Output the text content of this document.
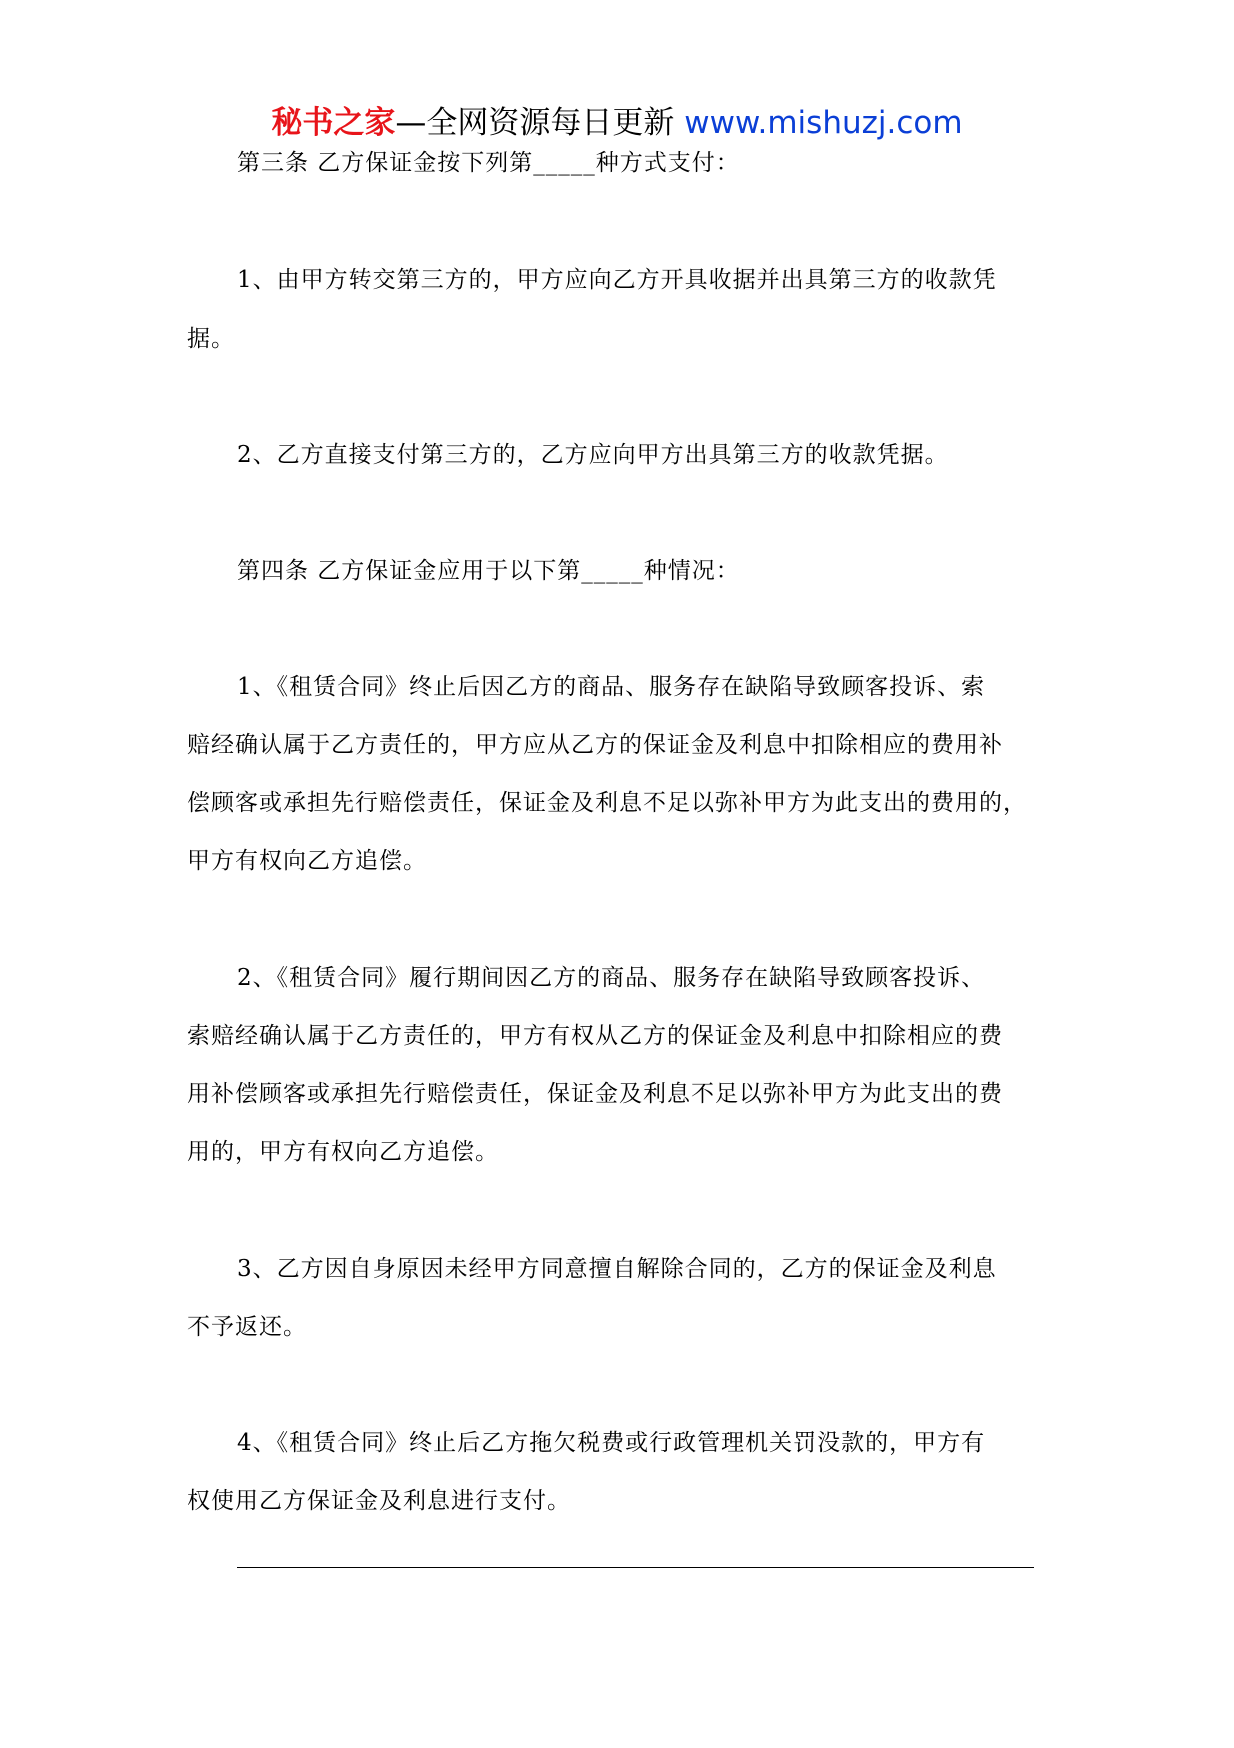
秘书之家—全网资源每日更新 www.mishuzj.com
第三条 乙方保证金按下列第_____种方式支付：
1、由甲方转交第三方的，甲方应向乙方开具收据并出具第三方的收款凭
据。
2、乙方直接支付第三方的，乙方应向甲方出具第三方的收款凭据。
第四条 乙方保证金应用于以下第_____种情况：
1、《租赁合同》终止后因乙方的商品、服务存在缺陷导致顾客投诉、索
赔经确认属于乙方责任的，甲方应从乙方的保证金及利息中扣除相应的费用补
偿顾客或承担先行赔偿责任，保证金及利息不足以弥补甲方为此支出的费用的，
甲方有权向乙方追偿。
2、《租赁合同》履行期间因乙方的商品、服务存在缺陷导致顾客投诉、
索赔经确认属于乙方责任的，甲方有权从乙方的保证金及利息中扣除相应的费
用补偿顾客或承担先行赔偿责任，保证金及利息不足以弥补甲方为此支出的费
用的，甲方有权向乙方追偿。
3、乙方因自身原因未经甲方同意擅自解除合同的，乙方的保证金及利息
不予返还。
4、《租赁合同》终止后乙方拖欠税费或行政管理机关罚没款的，甲方有
权使用乙方保证金及利息进行支付。
